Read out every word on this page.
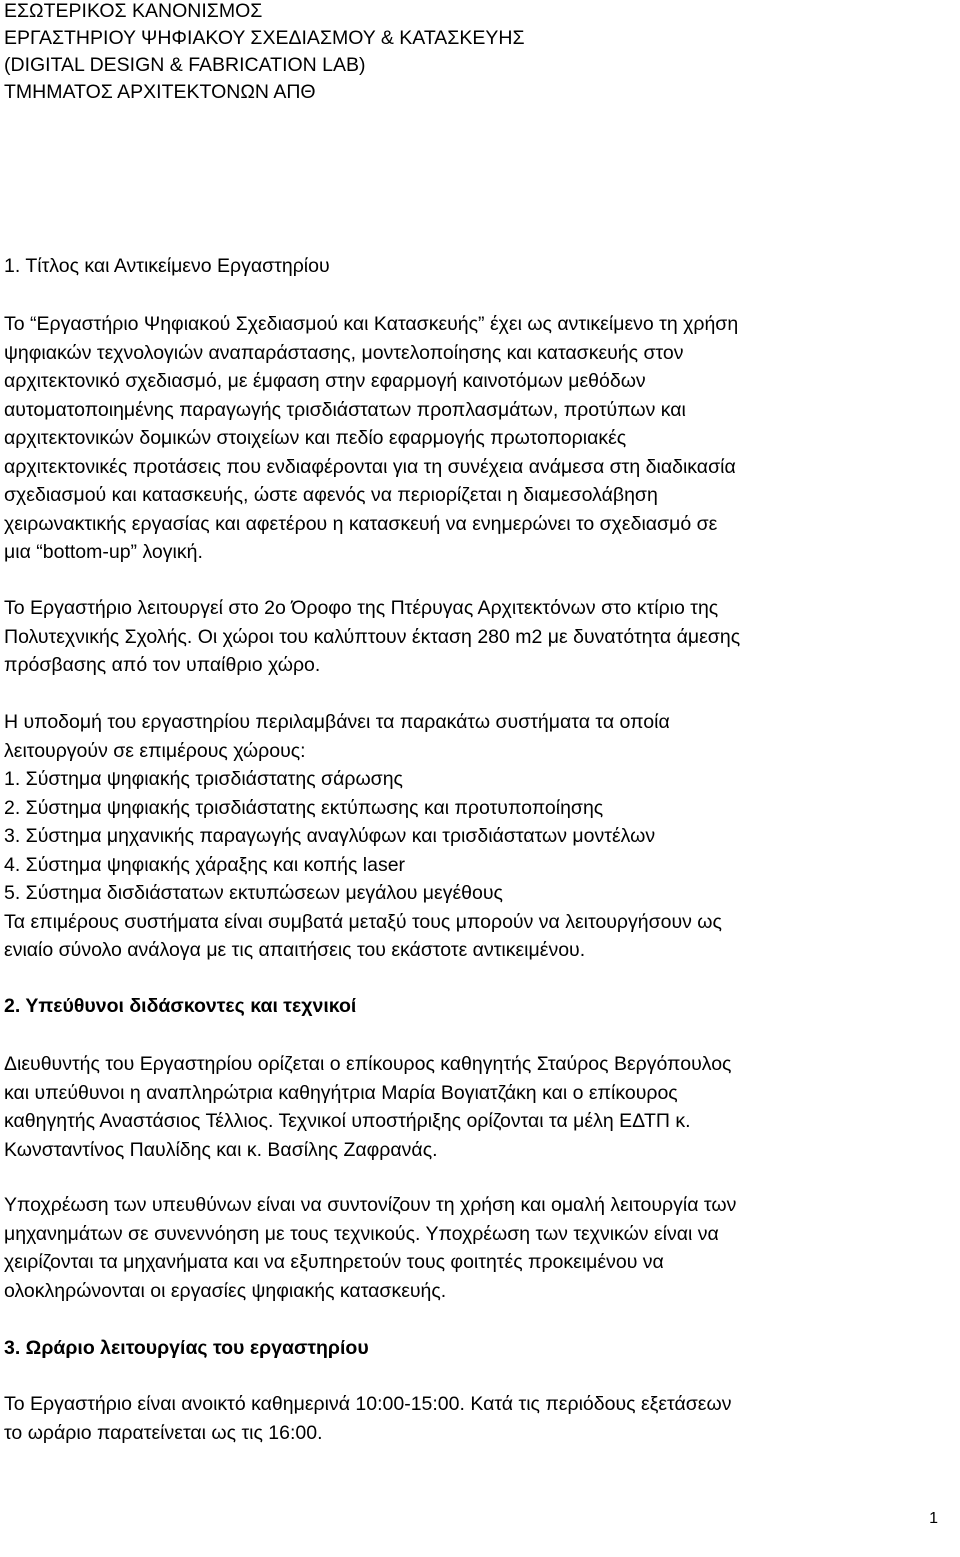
ΕΣΩΤΕΡΙΚΟΣ ΚΑΝΟΝΙΣΜΟΣ
ΕΡΓΑΣΤΗΡΙΟΥ ΨΗΦΙΑΚΟΥ ΣΧΕΔΙΑΣΜΟΥ & ΚΑΤΑΣΚΕΥΗΣ
(DIGITAL DESIGN & FABRICATION LAB)
ΤΜΗΜΑΤΟΣ ΑΡΧΙΤΕΚΤΟΝΩΝ ΑΠΘ
1. Τίτλος και Αντικείμενο Εργαστηρίου
Το “Εργαστήριο Ψηφιακού Σχεδιασμού και Κατασκευής” έχει ως αντικείμενο τη χρήση
ψηφιακών τεχνολογιών αναπαράστασης, μοντελοποίησης και κατασκευής στον
αρχιτεκτονικό σχεδιασμό, με έμφαση στην εφαρμογή καινοτόμων μεθόδων
αυτοματοποιημένης παραγωγής τρισδιάστατων προπλασμάτων, προτύπων και
αρχιτεκτονικών δομικών στοιχείων και πεδίο εφαρμογής πρωτοποριακές
αρχιτεκτονικές προτάσεις που ενδιαφέρονται για τη συνέχεια ανάμεσα στη διαδικασία
σχεδιασμού και κατασκευής, ώστε αφενός να περιορίζεται η διαμεσολάβηση
χειρωνακτικής εργασίας και αφετέρου η κατασκευή να ενημερώνει το σχεδιασμό σε
μια “bottom-up” λογική.
Το Εργαστήριο λειτουργεί στο 2ο Όροφο της Πτέρυγας Αρχιτεκτόνων στο κτίριο της
Πολυτεχνικής Σχολής. Οι χώροι του καλύπτουν έκταση 280 m2 με δυνατότητα άμεσης
πρόσβασης από τον υπαίθριο χώρο.
Η υποδομή του εργαστηρίου περιλαμβάνει τα παρακάτω συστήματα τα οποία
λειτουργούν σε επιμέρους χώρους:
1. Σύστημα ψηφιακής τρισδιάστατης σάρωσης
2. Σύστημα ψηφιακής τρισδιάστατης εκτύπωσης και προτυποποίησης
3. Σύστημα μηχανικής παραγωγής αναγλύφων και τρισδιάστατων μοντέλων
4. Σύστημα ψηφιακής χάραξης και κοπής laser
5. Σύστημα δισδιάστατων εκτυπώσεων μεγάλου μεγέθους
Τα επιμέρους συστήματα είναι συμβατά μεταξύ τους μπορούν να λειτουργήσουν ως
ενιαίο σύνολο ανάλογα με τις απαιτήσεις του εκάστοτε αντικειμένου.
2. Υπεύθυνοι διδάσκοντες και τεχνικοί
Διευθυντής του Εργαστηρίου ορίζεται ο επίκουρος καθηγητής Σταύρος Βεργόπουλος
και υπεύθυνοι η αναπληρώτρια καθηγήτρια Μαρία Βογιατζάκη και ο επίκουρος
καθηγητής Αναστάσιος Τέλλιος. Τεχνικοί υποστήριξης ορίζονται τα μέλη ΕΔΤΠ κ.
Κωνσταντίνος Παυλίδης και κ. Βασίλης Ζαφρανάς.
Υποχρέωση των υπευθύνων είναι να συντονίζουν τη χρήση και ομαλή λειτουργία των
μηχανημάτων σε συνεννόηση με τους τεχνικούς. Υποχρέωση των τεχνικών είναι να
χειρίζονται τα μηχανήματα και να εξυπηρετούν τους φοιτητές προκειμένου να
ολοκληρώνονται οι εργασίες ψηφιακής κατασκευής.
3. Ωράριο λειτουργίας του εργαστηρίου
Το Εργαστήριο είναι ανοικτό καθημερινά 10:00-15:00. Κατά τις περιόδους εξετάσεων
το ωράριο παρατείνεται ως τις 16:00.
1
